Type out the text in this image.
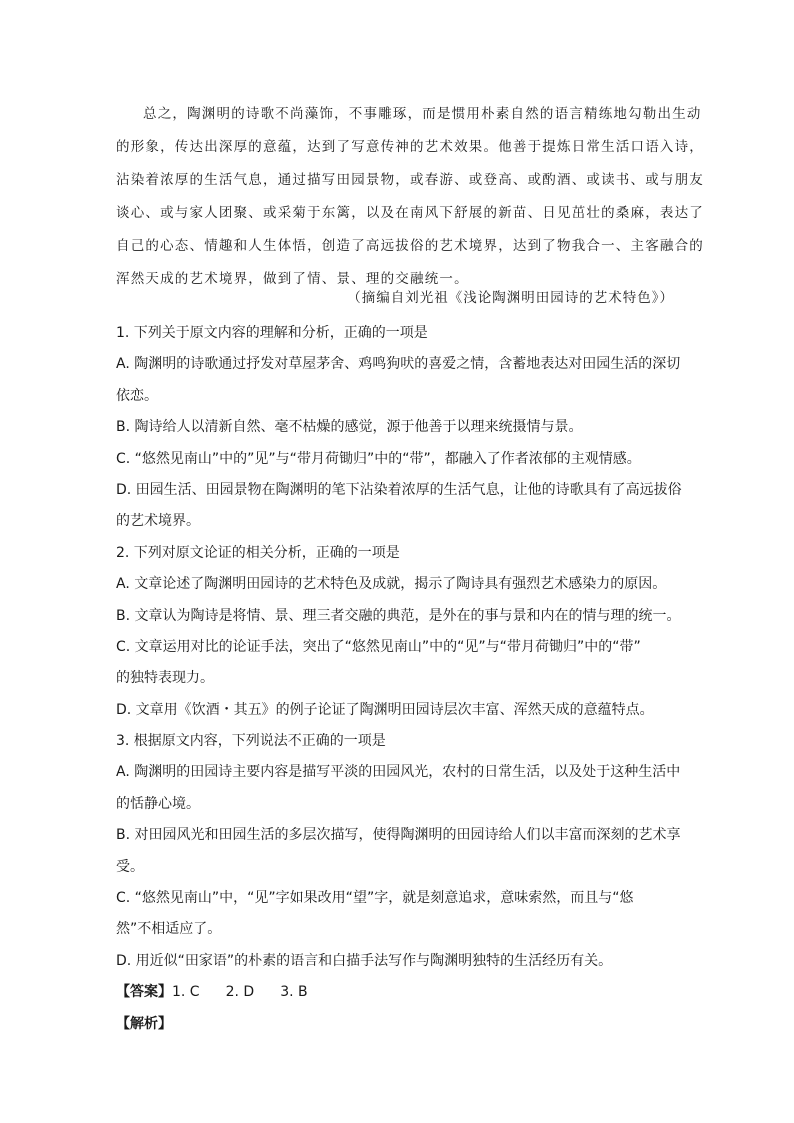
总之，陶渊明的诗歌不尚藻饰，不事雕琢，而是惯用朴素自然的语言精练地勾勒出生动
的形象，传达出深厚的意蕴，达到了写意传神的艺术效果。他善于提炼日常生活口语入诗，
沾染着浓厚的生活气息，通过描写田园景物，或春游、或登高、或酌酒、或读书、或与朋友
谈心、或与家人团聚、或采菊于东篱，以及在南风下舒展的新苗、日见茁壮的桑麻，表达了
自己的心态、情趣和人生体悟，创造了高远拔俗的艺术境界，达到了物我合一、主客融合的
浑然天成的艺术境界，做到了情、景、理的交融统一。
（摘编自刘光祖《浅论陶渊明田园诗的艺术特色》）
1. 下列关于原文内容的理解和分析，正确的一项是
A. 陶渊明的诗歌通过抒发对草屋茅舍、鸡鸣狗吠的喜爱之情，含蓄地表达对田园生活的深切
依恋。
B. 陶诗给人以清新自然、毫不枯燥的感觉，源于他善于以理来统摄情与景。
C. “悠然见南山”中的”见”与“带月荷锄归”中的“带”，都融入了作者浓郁的主观情感。
D. 田园生活、田园景物在陶渊明的笔下沾染着浓厚的生活气息，让他的诗歌具有了高远拔俗
的艺术境界。
2. 下列对原文论证的相关分析，正确的一项是
A. 文章论述了陶渊明田园诗的艺术特色及成就，揭示了陶诗具有强烈艺术感染力的原因。
B. 文章认为陶诗是将情、景、理三者交融的典范，是外在的事与景和内在的情与理的统一。
C. 文章运用对比的论证手法，突出了“悠然见南山”中的“见”与“带月荷锄归”中的“带”
的独特表现力。
D. 文章用《饮酒・其五》的例子论证了陶渊明田园诗层次丰富、浑然天成的意蕴特点。
3. 根据原文内容，下列说法不正确的一项是
A. 陶渊明的田园诗主要内容是描写平淡的田园风光，农村的日常生活，以及处于这种生活中
的恬静心境。
B. 对田园风光和田园生活的多层次描写，使得陶渊明的田园诗给人们以丰富而深刻的艺术享
受。
C. “悠然见南山”中，“见”字如果改用“望”字，就是刻意追求，意味索然，而且与“悠
然”不相适应了。
D. 用近似“田家语”的朴素的语言和白描手法写作与陶渊明独特的生活经历有关。
【答案】1. C 2. D 3. B
【解析】
